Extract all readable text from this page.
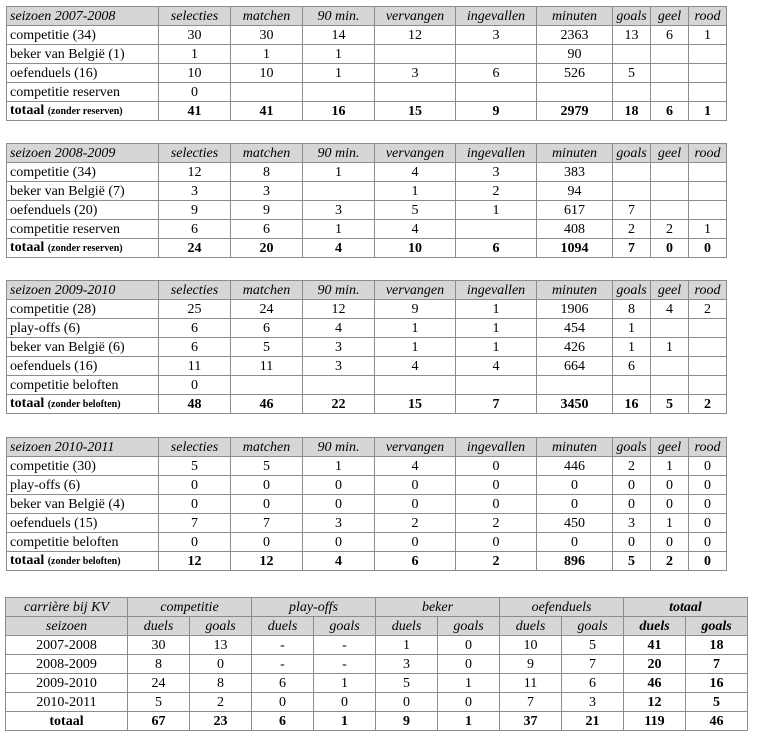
seizoen 2007-2008	selecties	matchen	90 min.	vervangen	ingevallen	minuten	goals	geel	rood
competitie (34)	30	30	14	12	3	2363	13	6	1
beker van België (1)	1	1	1			90			
oefenduels (16)	10	10	1	3	6	526	5		
competitie reserven	0								
totaal (zonder reserven)	41	41	16	15	9	2979	18	6	1
seizoen 2008-2009	selecties	matchen	90 min.	vervangen	ingevallen	minuten	goals	geel	rood
competitie (34)	12	8	1	4	3	383			
beker van België (7)	3	3		1	2	94			
oefenduels (20)	9	9	3	5	1	617	7		
competitie reserven	6	6	1	4		408	2	2	1
totaal (zonder reserven)	24	20	4	10	6	1094	7	0	0
seizoen 2009-2010	selecties	matchen	90 min.	vervangen	ingevallen	minuten	goals	geel	rood
competitie (28)	25	24	12	9	1	1906	8	4	2
play-offs (6)	6	6	4	1	1	454	1		
beker van België (6)	6	5	3	1	1	426	1	1	
oefenduels (16)	11	11	3	4	4	664	6		
competitie beloften	0								
totaal (zonder beloften)	48	46	22	15	7	3450	16	5	2
seizoen 2010-2011	selecties	matchen	90 min.	vervangen	ingevallen	minuten	goals	geel	rood
competitie (30)	5	5	1	4	0	446	2	1	0
play-offs (6)	0	0	0	0	0	0	0	0	0
beker van België (4)	0	0	0	0	0	0	0	0	0
oefenduels (15)	7	7	3	2	2	450	3	1	0
competitie beloften	0	0	0	0	0	0	0	0	0
totaal (zonder beloften)	12	12	4	6	2	896	5	2	0
carrière bij KV	competitie		play-offs		beker		oefenduels		totaal	
seizoen	duels	goals	duels	goals	duels	goals	duels	goals	duels	goals
2007-2008	30	13	-	-	1	0	10	5	41	18
2008-2009	8	0	-	-	3	0	9	7	20	7
2009-2010	24	8	6	1	5	1	11	6	46	16
2010-2011	5	2	0	0	0	0	7	3	12	5
totaal	67	23	6	1	9	1	37	21	119	46
